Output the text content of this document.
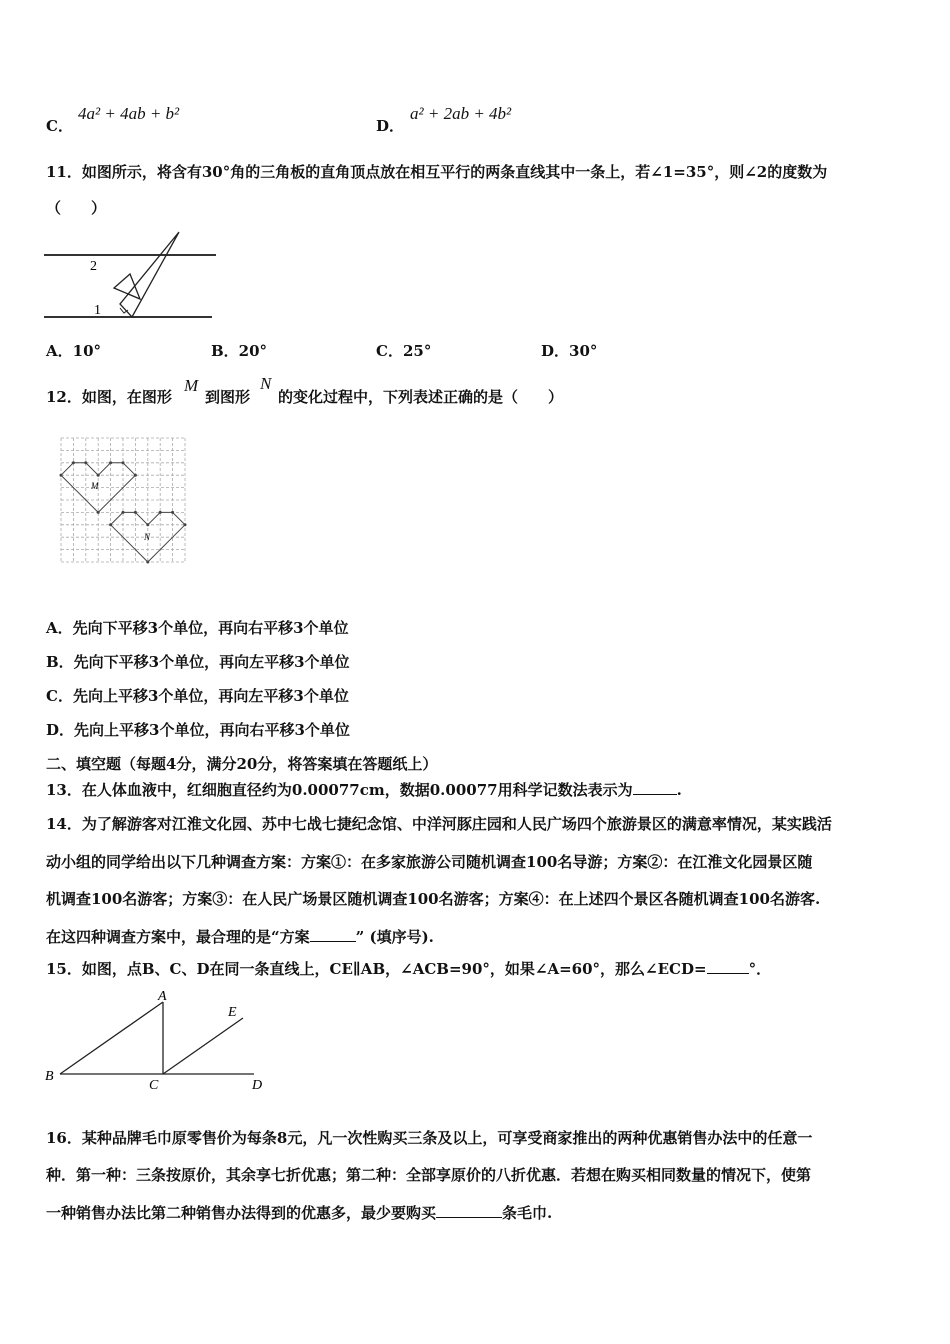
C．
4a² + 4ab + b²
D．
a² + 2ab + 4b²
11．如图所示，将含有30°角的三角板的直角顶点放在相互平行的两条直线其中一条上，若∠1=35°，则∠2的度数为
（　　）
2
1
A．10°	B．20°	C．25°	D．30°
12．如图，在图形
M
到图形
N
的变化过程中，下列表述正确的是（　　）
M
N
A．先向下平移3个单位，再向右平移3个单位
B．先向下平移3个单位，再向左平移3个单位
C．先向上平移3个单位，再向左平移3个单位
D．先向上平移3个单位，再向右平移3个单位
二、填空题（每题4分，满分20分，将答案填在答题纸上）
13．在人体血液中，红细胞直径约为0.00077cm，数据0.00077用科学记数法表示为	.
14．为了解游客对江淮文化园、苏中七战七捷纪念馆、中洋河豚庄园和人民广场四个旅游景区的满意率情况，某实践活
动小组的同学给出以下几种调查方案：方案①：在多家旅游公司随机调查100名导游；方案②：在江淮文化园景区随
机调查100名游客；方案③：在人民广场景区随机调查100名游客；方案④：在上述四个景区各随机调查100名游客.
在这四种调查方案中，最合理的是“方案	” (填序号).
15．如图，点B、C、D在同一条直线上，CE∥AB，∠ACB=90°，如果∠A=60°，那么∠ECD=	°．
A
B
C	D
E
16．某种品牌毛巾原零售价为每条8元，凡一次性购买三条及以上，可享受商家推出的两种优惠销售办法中的任意一
种．第一种：三条按原价，其余享七折优惠；第二种：全部享原价的八折优惠．若想在购买相同数量的情况下，使第
一种销售办法比第二种销售办法得到的优惠多，最少要购买	条毛巾.
